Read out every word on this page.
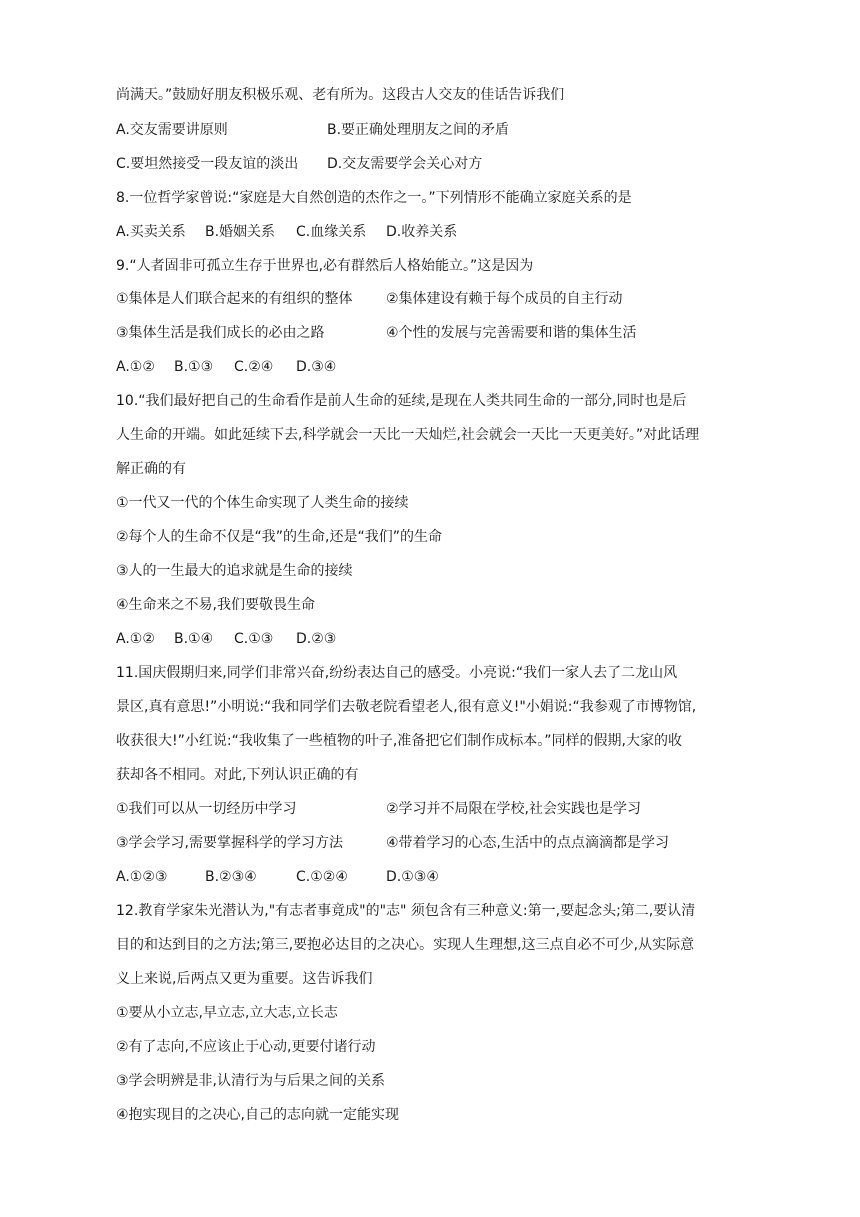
尚满天。”鼓励好朋友积极乐观、老有所为。这段古人交友的佳话告诉我们
A.交友需要讲原则	B.要正确处理朋友之间的矛盾
C.要坦然接受一段友谊的淡出 D.交友需要学会关心对方
8.一位哲学家曾说:“家庭是大自然创造的杰作之一。”下列情形不能确立家庭关系的是
A.买卖关系 B.婚姻关系 C.血缘关系 D.收养关系
9.“人者固非可孤立生存于世界也,必有群然后人格始能立。”这是因为
①集体是人们联合起来的有组织的整体 ②集体建设有赖于每个成员的自主行动
③集体生活是我们成长的必由之路	④个性的发展与完善需要和谐的集体生活
A.①② B.①③ C.②④ D.③④
10.“我们最好把自己的生命看作是前人生命的延续,是现在人类共同生命的一部分,同时也是后
人生命的开端。如此延续下去,科学就会一天比一天灿烂,社会就会一天比一天更美好。”对此话理
解正确的有
①一代又一代的个体生命实现了人类生命的接续
②每个人的生命不仅是“我”的生命,还是“我们”的生命
③人的一生最大的追求就是生命的接续
④生命来之不易,我们要敬畏生命
A.①② B.①④ C.①③ D.②③
11.国庆假期归来,同学们非常兴奋,纷纷表达自己的感受。小亮说:“我们一家人去了二龙山风
景区,真有意思!”小明说:“我和同学们去敬老院看望老人,很有意义!"小娟说:“我参观了市博物馆,
收获很大!”小红说:“我收集了一些植物的叶子,准备把它们制作成标本。”同样的假期,大家的收
获却各不相同。对此,下列认识正确的有
①我们可以从一切经历中学习	②学习并不局限在学校,社会实践也是学习
③学会学习,需要掌握科学的学习方法	④带着学习的心态,生活中的点点滴滴都是学习
A.①②③	B.②③④	C.①②④	D.①③④
12.教育学家朱光潜认为,"有志者事竟成"的"志" 须包含有三种意义:第一,要起念头;第二,要认清
目的和达到目的之方法;第三,要抱必达目的之决心。实现人生理想,这三点自必不可少,从实际意
义上来说,后两点又更为重要。这告诉我们
①要从小立志,早立志,立大志,立长志
②有了志向,不应该止于心动,更要付诸行动
③学会明辨是非,认清行为与后果之间的关系
④抱实现目的之决心,自己的志向就一定能实现
